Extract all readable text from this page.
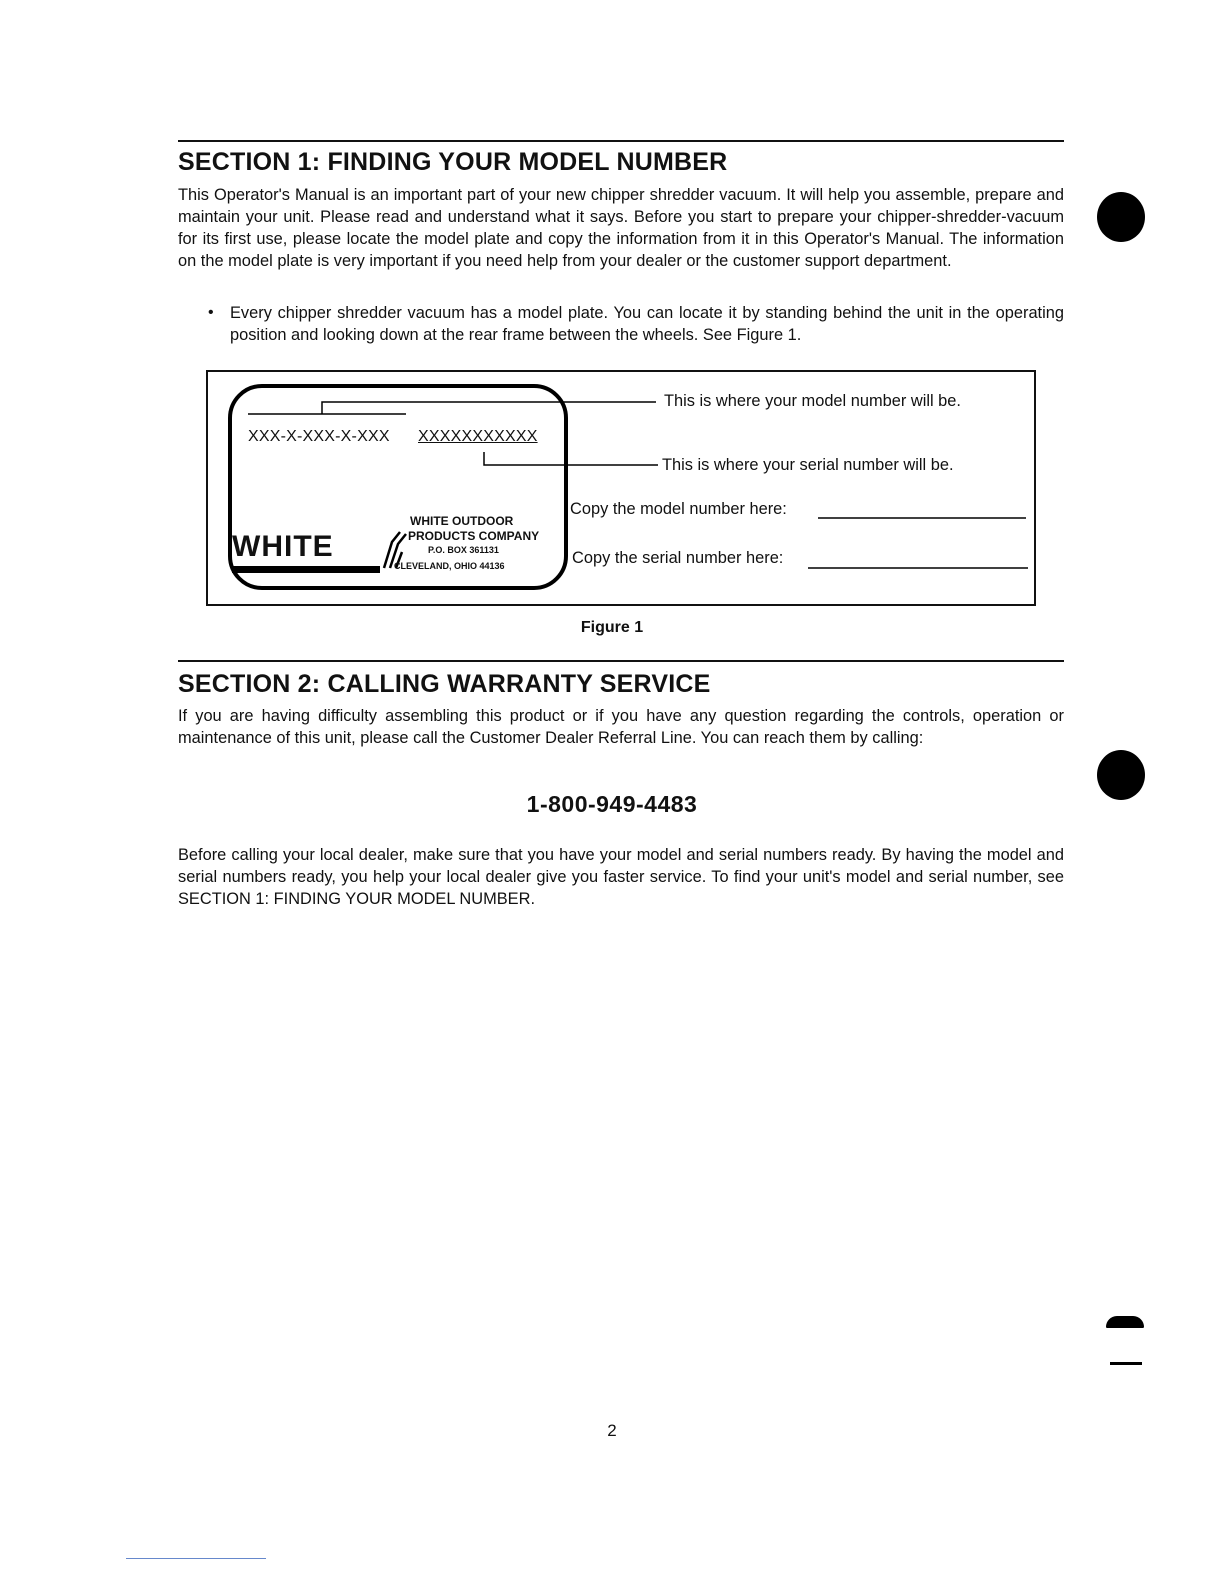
SECTION 1: FINDING YOUR MODEL NUMBER

This Operator's Manual is an important part of your new chipper shredder vacuum. It will help you assemble, prepare and maintain your unit. Please read and understand what it says. Before you start to prepare your chipper-shredder-vacuum for its first use, please locate the model plate and copy the information from it in this Operator's Manual. The information on the model plate is very important if you need help from your dealer or the customer support department.

• Every chipper shredder vacuum has a model plate. You can locate it by standing behind the unit in the operating position and looking down at the rear frame between the wheels. See Figure 1.

XXX-X-XXX-X-XXX XXXXXXXXXXX
This is where your model number will be.
This is where your serial number will be.
Copy the model number here:
Copy the serial number here:
WHITE
WHITE OUTDOOR
PRODUCTS COMPANY
P.O. BOX 361131
CLEVELAND, OHIO 44136
Figure 1
SECTION 2: CALLING WARRANTY SERVICE

If you are having difficulty assembling this product or if you have any question regarding the controls, operation or maintenance of this unit, please call the Customer Dealer Referral Line. You can reach them by calling:

1-800-949-4483

Before calling your local dealer, make sure that you have your model and serial numbers ready. By having the model and serial numbers ready, you help your local dealer give you faster service. To find your unit's model and serial number, see SECTION 1: FINDING YOUR MODEL NUMBER.

2
